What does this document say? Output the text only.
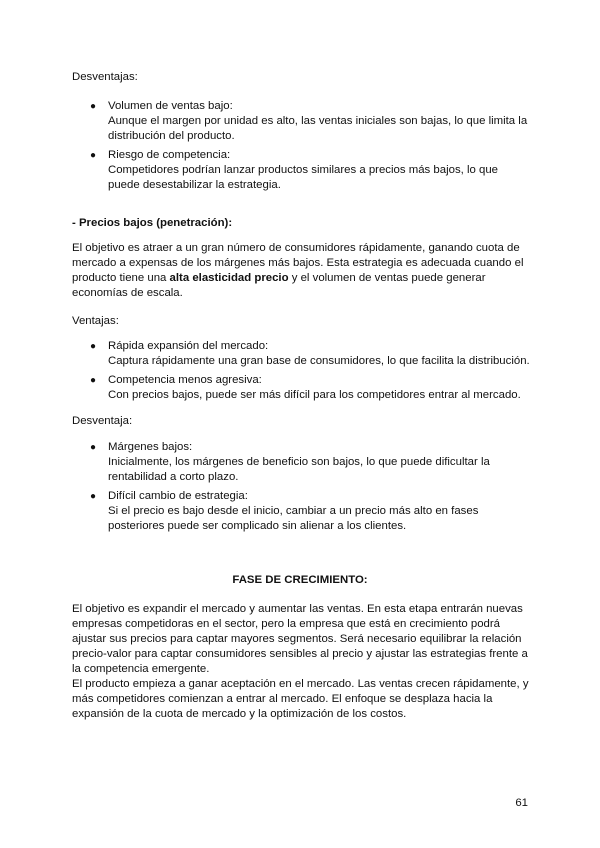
Desventajas:

● Volumen de ventas bajo:
Aunque el margen por unidad es alto, las ventas iniciales son bajas, lo que limita la distribución del producto.
● Riesgo de competencia:
Competidores podrían lanzar productos similares a precios más bajos, lo que puede desestabilizar la estrategia.

- Precios bajos (penetración):

El objetivo es atraer a un gran número de consumidores rápidamente, ganando cuota de mercado a expensas de los márgenes más bajos. Esta estrategia es adecuada cuando el producto tiene una alta elasticidad precio y el volumen de ventas puede generar economías de escala.

Ventajas:

● Rápida expansión del mercado:
Captura rápidamente una gran base de consumidores, lo que facilita la distribución.
● Competencia menos agresiva:
Con precios bajos, puede ser más difícil para los competidores entrar al mercado.

Desventaja:

● Márgenes bajos:
Inicialmente, los márgenes de beneficio son bajos, lo que puede dificultar la rentabilidad a corto plazo.
● Difícil cambio de estrategia:
Si el precio es bajo desde el inicio, cambiar a un precio más alto en fases posteriores puede ser complicado sin alienar a los clientes.

FASE DE CRECIMIENTO:

El objetivo es expandir el mercado y aumentar las ventas. En esta etapa entrarán nuevas empresas competidoras en el sector, pero la empresa que está en crecimiento podrá ajustar sus precios para captar mayores segmentos. Será necesario equilibrar la relación precio-valor para captar consumidores sensibles al precio y ajustar las estrategias frente a la competencia emergente.

El producto empieza a ganar aceptación en el mercado. Las ventas crecen rápidamente, y más competidores comienzan a entrar al mercado. El enfoque se desplaza hacia la expansión de la cuota de mercado y la optimización de los costos.

61
